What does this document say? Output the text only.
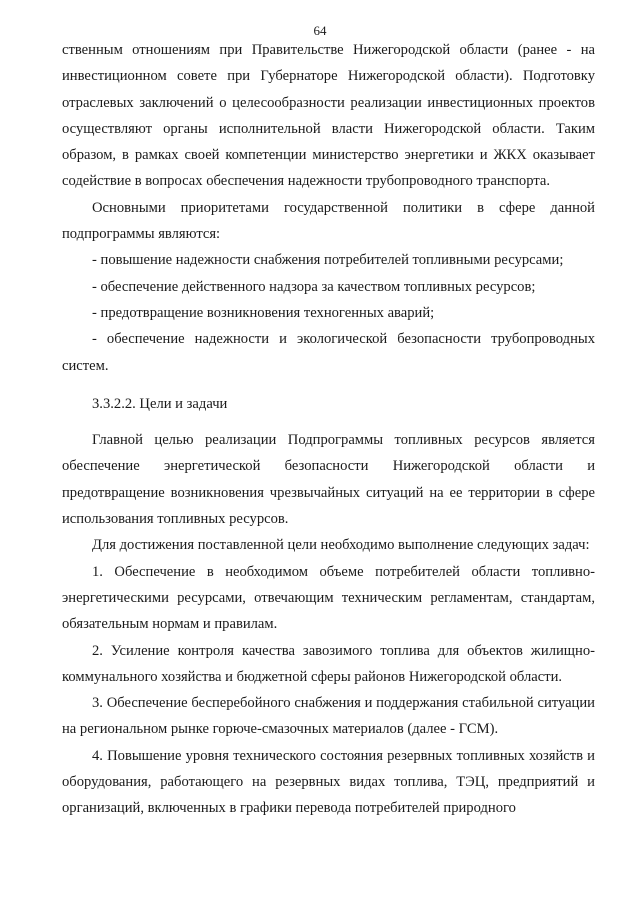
64

ственным отношениям при Правительстве Нижегородской области (ранее - на инвестиционном совете при Губернаторе Нижегородской области). Подготовку отраслевых заключений о целесообразности реализации инвестиционных проектов осуществляют органы исполнительной власти Нижегородской области. Таким образом, в рамках своей компетенции министерство энергетики и ЖКХ оказывает содействие в вопросах обеспечения надежности трубопроводного транспорта.

Основными приоритетами государственной политики в сфере данной подпрограммы являются:

- повышение надежности снабжения потребителей топливными ресурсами;

- обеспечение действенного надзора за качеством топливных ресурсов;

- предотвращение возникновения техногенных аварий;

- обеспечение надежности и экологической безопасности трубопроводных систем.

3.3.2.2. Цели и задачи

Главной целью реализации Подпрограммы топливных ресурсов является обеспечение энергетической безопасности Нижегородской области и предотвращение возникновения чрезвычайных ситуаций на ее территории в сфере использования топливных ресурсов.

Для достижения поставленной цели необходимо выполнение следующих задач:

1. Обеспечение в необходимом объеме потребителей области топливно-энергетическими ресурсами, отвечающим техническим регламентам, стандартам, обязательным нормам и правилам.

2. Усиление контроля качества завозимого топлива для объектов жилищно-коммунального хозяйства и бюджетной сферы районов Нижегородской области.

3. Обеспечение бесперебойного снабжения и поддержания стабильной ситуации на региональном рынке горюче-смазочных материалов (далее - ГСМ).

4. Повышение уровня технического состояния резервных топливных хозяйств и оборудования, работающего на резервных видах топлива, ТЭЦ, предприятий и организаций, включенных в графики перевода потребителей природного
